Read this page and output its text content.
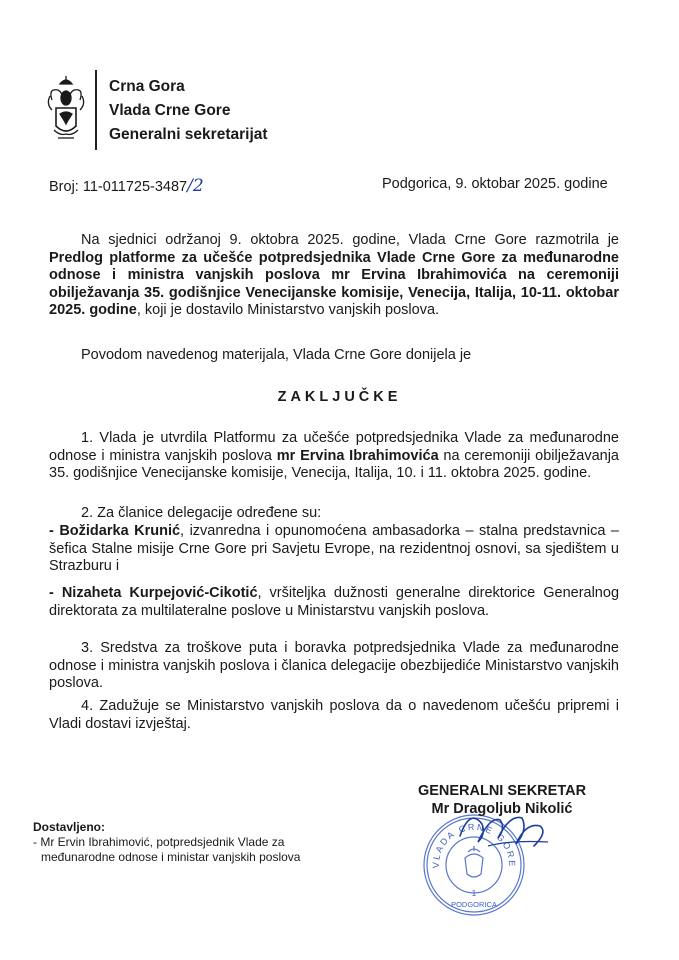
Crna Gora
Vlada Crne Gore
Generalni sekretarijat
Broj: 11-011725-3487/2	Podgorica, 9. oktobar 2025. godine
Na sjednici održanoj 9. oktobra 2025. godine, Vlada Crne Gore razmotrila je Predlog platforme za učešće potpredsjednika Vlade Crne Gore za međunarodne odnose i ministra vanjskih poslova mr Ervina Ibrahimovića na ceremoniji obilježavanja 35. godišnjice Venecijanske komisije, Venecija, Italija, 10-11. oktobar 2025. godine, koji je dostavilo Ministarstvo vanjskih poslova.
Povodom navedenog materijala, Vlada Crne Gore donijela je
ZAKLJUČKE
1. Vlada je utvrdila Platformu za učešće potpredsjednika Vlade za međunarodne odnose i ministra vanjskih poslova mr Ervina Ibrahimovića na ceremoniji obilježavanja 35. godišnjice Venecijanske komisije, Venecija, Italija, 10. i 11. oktobra 2025. godine.
2. Za članice delegacije određene su:
- Božidarka Krunić, izvanredna i opunomoćena ambasadorka – stalna predstavnica – šefica Stalne misije Crne Gore pri Savjetu Evrope, na rezidentnoj osnovi, sa sjedištem u Strazburu i
- Nizaheta Kurpejović-Cikotić, vršiteljka dužnosti generalne direktorice Generalnog direktorata za multilateralne poslove u Ministarstvu vanjskih poslova.
3. Sredstva za troškove puta i boravka potpredsjednika Vlade za međunarodne odnose i ministra vanjskih poslova i članica delegacije obezbijediće Ministarstvo vanjskih poslova.
4. Zadužuje se Ministarstvo vanjskih poslova da o navedenom učešću pripremi i Vladi dostavi izvještaj.
VLADA CRNE GORE
1
PODGORICA
GENERALNI SEKRETAR
Mr Dragoljub Nikolić
Dostavljeno:
- Mr Ervin Ibrahimović, potpredsjednik Vlade za
međunarodne odnose i ministar vanjskih poslova
